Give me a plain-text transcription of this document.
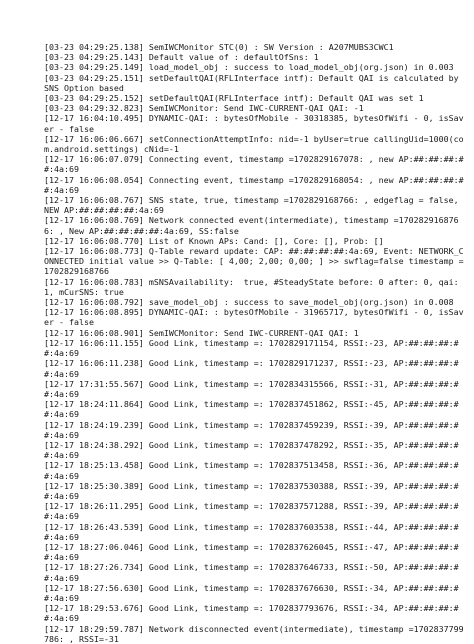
[03-23 04:29:25.138] SemIWCMonitor STC(0) : SW Version : A207MUBS3CWC1
[03-23 04:29:25.143] Default value of : defaultOfSns: 1
[03-23 04:29:25.149] load_model_obj : success to load_model_obj(org.json) in 0.003
[03-23 04:29:25.151] setDefaultQAI(RFLInterface intf): Default QAI is calculated by SNS Option based
[03-23 04:29:25.152] setDefaultQAI(RFLInterface intf): Default QAI was set 1
[03-23 04:29:32.823] SemIWCMonitor: Send IWC-CURRENT-QAI QAI: -1
[12-17 16:04:10.495] DYNAMIC-QAI: : bytesOfMobile - 30318385, bytesOfWifi - 0, isSaver - false
[12-17 16:06:06.667] setConnectionAttemptInfo: nid=-1 byUser=true callingUid=1000(com.android.settings) cNid=-1
[12-17 16:06:07.079] Connecting event, timestamp =1702829167078: , new AP:##:##:##:##:4a:69
[12-17 16:06:08.054] Connecting event, timestamp =1702829168054: , new AP:##:##:##:##:4a:69
[12-17 16:06:08.767] SNS state, true, timestamp =1702829168766: , edgeflag = false, NEW AP:##:##:##:##:4a:69
[12-17 16:06:08.769] Network connected event(intermediate), timestamp =1702829168766: , New AP:##:##:##:##:4a:69, SS:false
[12-17 16:06:08.770] List of Known APs: Cand: [], Core: [], Prob: []
[12-17 16:06:08.773] Q-Table reward update: CAP: ##:##:##:##:4a:69, Event: NETWORK_CONNECTED initial value >> Q-Table: [ 4,00; 2,00; 0,00; ] >> swflag=false timestamp =1702829168766
[12-17 16:06:08.783] mSNSAvailability:  true, #SteadyState before: 0 after: 0, qai: 1, mCurSNS: true
[12-17 16:06:08.792] save_model_obj : success to save_model_obj(org.json) in 0.008
[12-17 16:06:08.895] DYNAMIC-QAI: : bytesOfMobile - 31965717, bytesOfWifi - 0, isSaver - false
[12-17 16:06:08.901] SemIWCMonitor: Send IWC-CURRENT-QAI QAI: 1
[12-17 16:06:11.155] Good Link, timestamp =: 1702829171154, RSSI:-23, AP:##:##:##:##:4a:69
[12-17 16:06:11.238] Good Link, timestamp =: 1702829171237, RSSI:-23, AP:##:##:##:##:4a:69
[12-17 17:31:55.567] Good Link, timestamp =: 1702834315566, RSSI:-31, AP:##:##:##:##:4a:69
[12-17 18:24:11.864] Good Link, timestamp =: 1702837451862, RSSI:-45, AP:##:##:##:##:4a:69
[12-17 18:24:19.239] Good Link, timestamp =: 1702837459239, RSSI:-39, AP:##:##:##:##:4a:69
[12-17 18:24:38.292] Good Link, timestamp =: 1702837478292, RSSI:-35, AP:##:##:##:##:4a:69
[12-17 18:25:13.458] Good Link, timestamp =: 1702837513458, RSSI:-36, AP:##:##:##:##:4a:69
[12-17 18:25:30.389] Good Link, timestamp =: 1702837530388, RSSI:-39, AP:##:##:##:##:4a:69
[12-17 18:26:11.295] Good Link, timestamp =: 1702837571288, RSSI:-39, AP:##:##:##:##:4a:69
[12-17 18:26:43.539] Good Link, timestamp =: 1702837603538, RSSI:-44, AP:##:##:##:##:4a:69
[12-17 18:27:06.046] Good Link, timestamp =: 1702837626045, RSSI:-47, AP:##:##:##:##:4a:69
[12-17 18:27:26.734] Good Link, timestamp =: 1702837646733, RSSI:-50, AP:##:##:##:##:4a:69
[12-17 18:27:56.630] Good Link, timestamp =: 1702837676630, RSSI:-34, AP:##:##:##:##:4a:69
[12-17 18:29:53.676] Good Link, timestamp =: 1702837793676, RSSI:-34, AP:##:##:##:##:4a:69
[12-17 18:29:59.787] Network disconnected event(intermediate), timestamp =1702837799786: , RSSI=-31
